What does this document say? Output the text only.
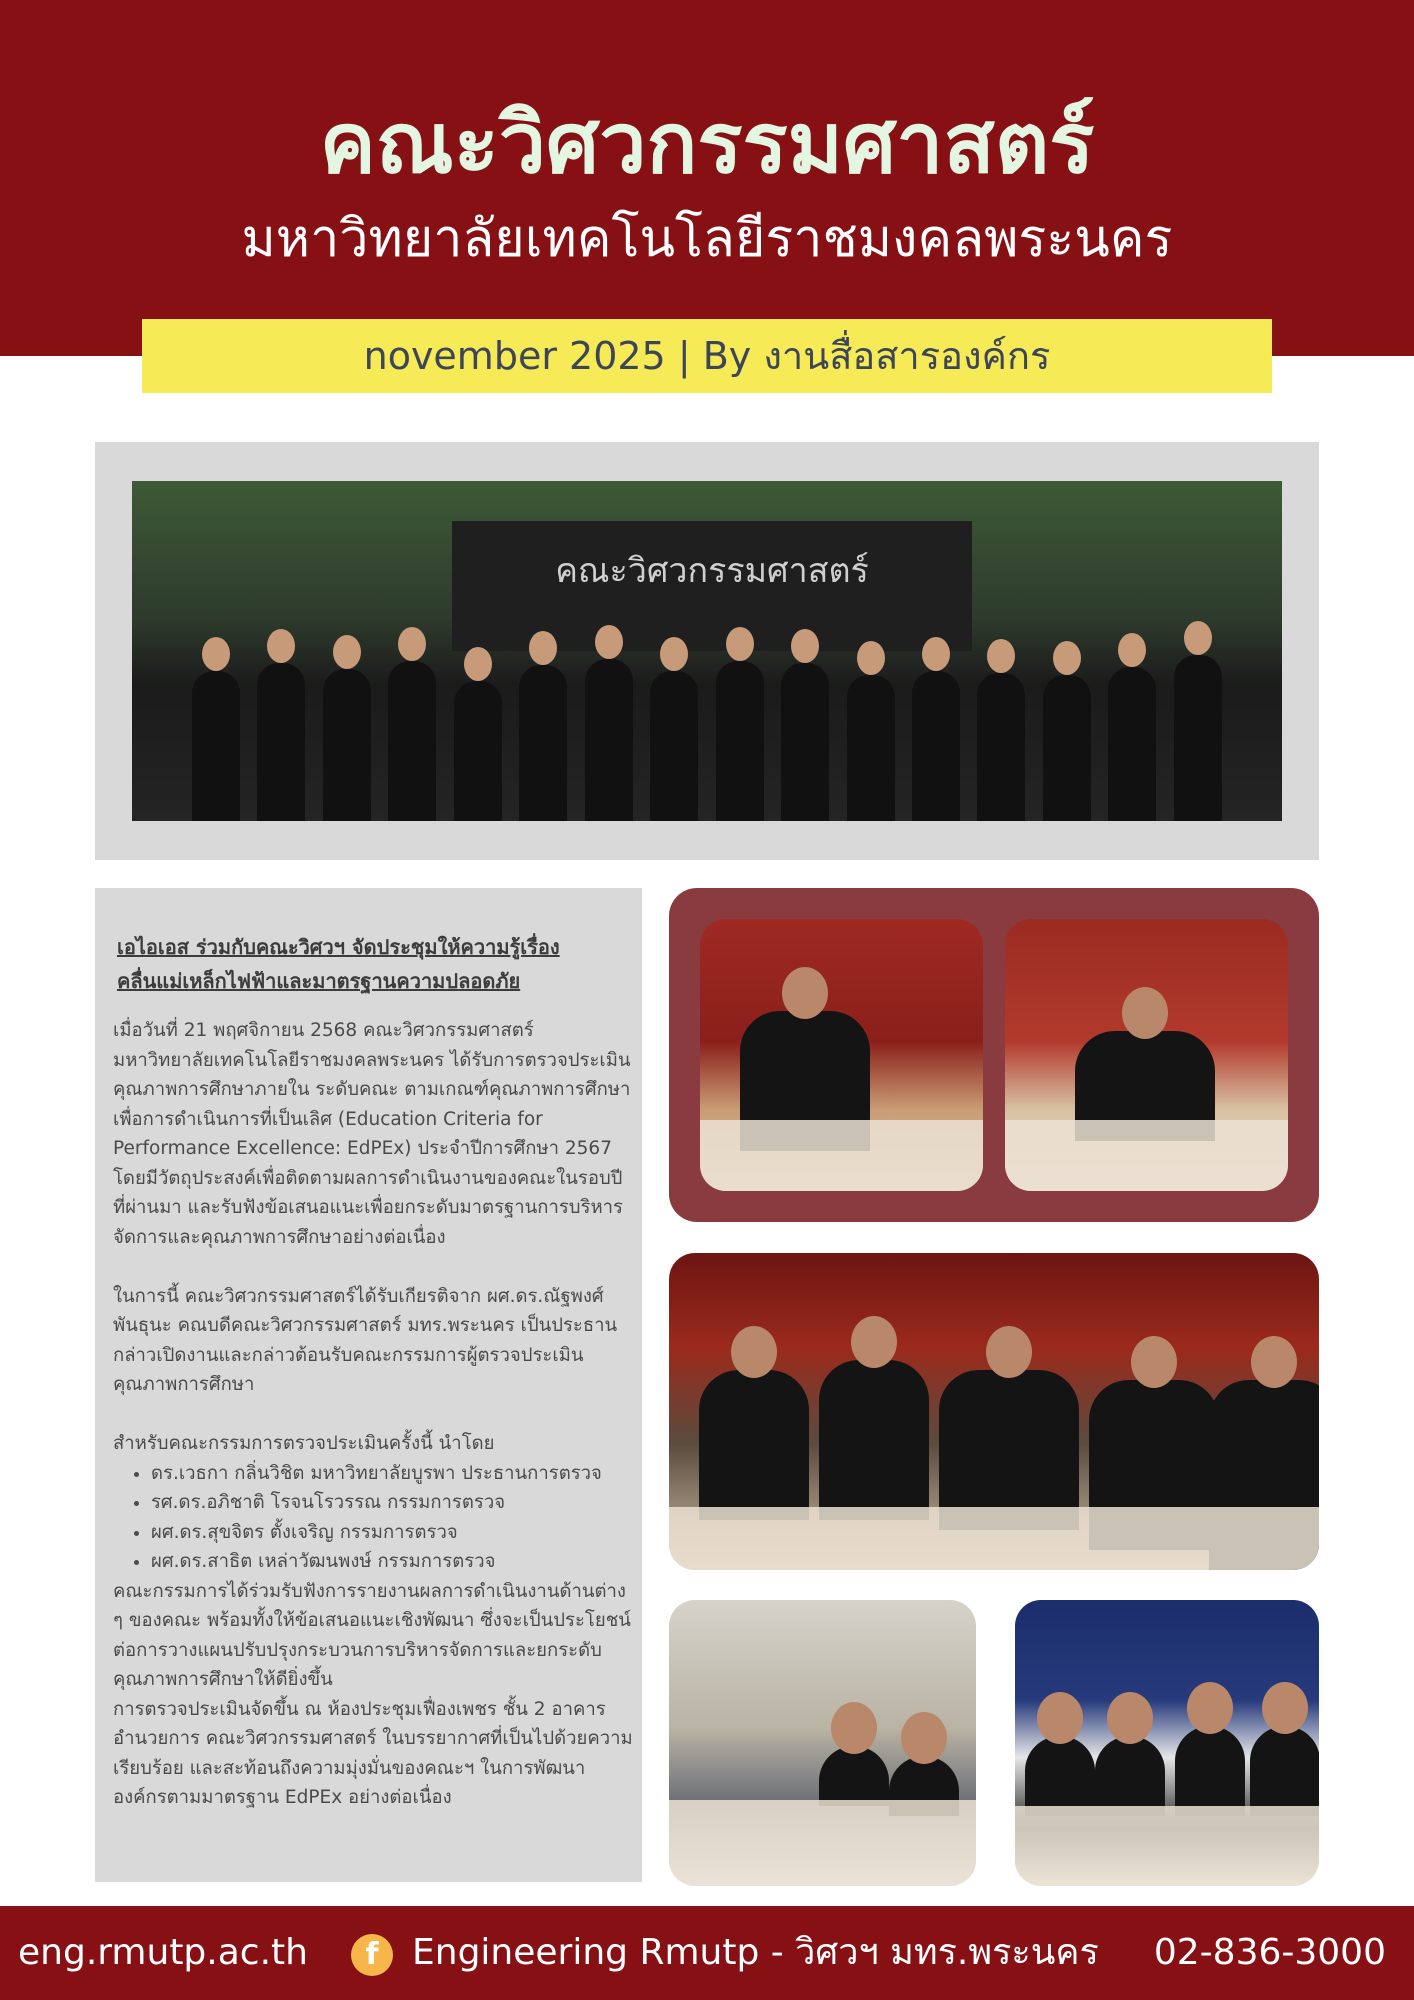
คณะวิศวกรรมศาสตร์
มหาวิทยาลัยเทคโนโลยีราชมงคลพระนคร
november 2025 | By งานสื่อสารองค์กร
คณะวิศวกรรมศาสตร์
เอไอเอส ร่วมกับคณะวิศวฯ จัดประชุมให้ความรู้เรื่องคลื่นแม่เหล็กไฟฟ้าและมาตรฐานความปลอดภัย

เมื่อวันที่ 21 พฤศจิกายน 2568 คณะวิศวกรรมศาสตร์ มหาวิทยาลัยเทคโนโลยีราชมงคลพระนคร ได้รับการตรวจประเมินคุณภาพการศึกษาภายใน ระดับคณะ ตามเกณฑ์คุณภาพการศึกษาเพื่อการดำเนินการที่เป็นเลิศ (Education Criteria for Performance Excellence: EdPEx) ประจำปีการศึกษา 2567 โดยมีวัตถุประสงค์เพื่อติดตามผลการดำเนินงานของคณะในรอบปีที่ผ่านมา และรับฟังข้อเสนอแนะเพื่อยกระดับมาตรฐานการบริหารจัดการและคุณภาพการศึกษาอย่างต่อเนื่อง

ในการนี้ คณะวิศวกรรมศาสตร์ได้รับเกียรติจาก ผศ.ดร.ณัฐพงศ์ พันธุนะ คณบดีคณะวิศวกรรมศาสตร์ มทร.พระนคร เป็นประธานกล่าวเปิดงานและกล่าวต้อนรับคณะกรรมการผู้ตรวจประเมินคุณภาพการศึกษา

สำหรับคณะกรรมการตรวจประเมินครั้งนี้ นำโดย

• ดร.เวธกา กลิ่นวิชิต มหาวิทยาลัยบูรพา ประธานการตรวจ
• รศ.ดร.อภิชาติ โรจนโรวรรณ กรรมการตรวจ
• ผศ.ดร.สุขจิตร ตั้งเจริญ กรรมการตรวจ
• ผศ.ดร.สาธิต เหล่าวัฒนพงษ์ กรรมการตรวจ

คณะกรรมการได้ร่วมรับฟังการรายงานผลการดำเนินงานด้านต่าง ๆ ของคณะ พร้อมทั้งให้ข้อเสนอแนะเชิงพัฒนา ซึ่งจะเป็นประโยชน์ต่อการวางแผนปรับปรุงกระบวนการบริหารจัดการและยกระดับคุณภาพการศึกษาให้ดียิ่งขึ้น

การตรวจประเมินจัดขึ้น ณ ห้องประชุมเฟื่องเพชร ชั้น 2 อาคารอำนวยการ คณะวิศวกรรมศาสตร์ ในบรรยากาศที่เป็นไปด้วยความเรียบร้อย และสะท้อนถึงความมุ่งมั่นของคณะฯ ในการพัฒนาองค์กรตามมาตรฐาน EdPEx อย่างต่อเนื่อง

eng.rmutp.ac.th	f Engineering Rmutp - วิศวฯ มทร.พระนคร 02-836-3000
